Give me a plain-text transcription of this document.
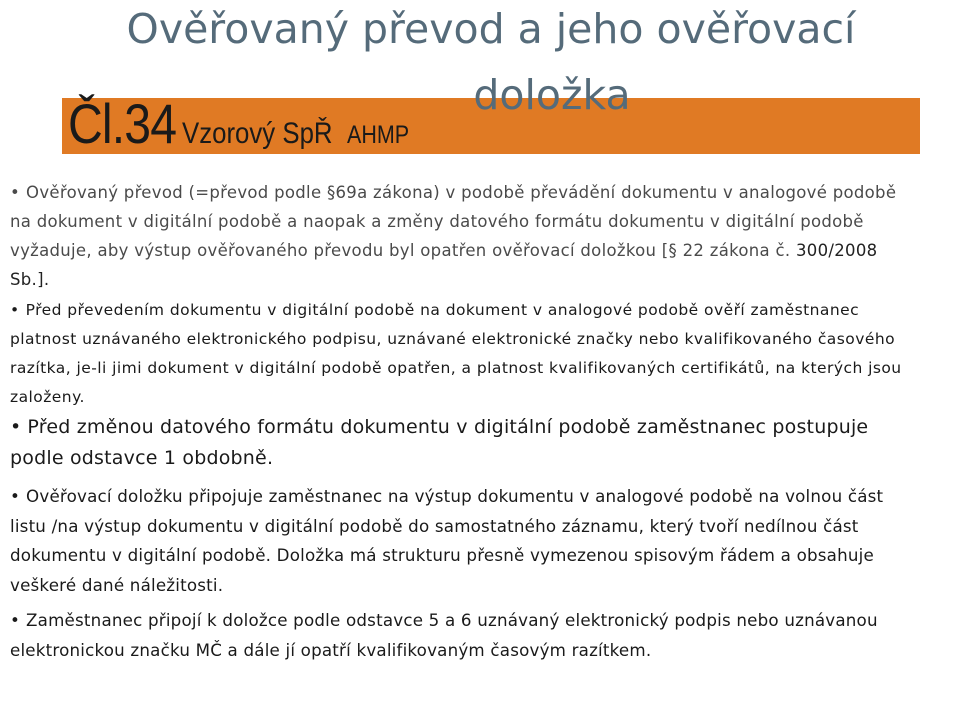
Ověřovaný převod a jeho ověřovací
doložka
Čl.34 Vzorový SpŘ AHMP

• Ověřovaný převod (=převod podle §69a zákona) v podobě převádění dokumentu v analogové podobě na dokument v digitální podobě a naopak a změny datového formátu dokumentu v digitální podobě vyžaduje, aby výstup ověřovaného převodu byl opatřen ověřovací doložkou [§ 22 zákona č. 300/2008 Sb.].

• Před převedením dokumentu v digitální podobě na dokument v analogové podobě ověří zaměstnanec platnost uznávaného elektronického podpisu, uznávané elektronické značky nebo kvalifikovaného časového razítka, je-li jimi dokument v digitální podobě opatřen, a platnost kvalifikovaných certifikátů, na kterých jsou založeny.

• Před změnou datového formátu dokumentu v digitální podobě zaměstnanec postupuje podle odstavce 1 obdobně.

• Ověřovací doložku připojuje zaměstnanec na výstup dokumentu v analogové podobě na volnou část listu /na výstup dokumentu v digitální podobě do samostatného záznamu, který tvoří nedílnou část dokumentu v digitální podobě. Doložka má strukturu přesně vymezenou spisovým řádem a obsahuje veškeré dané náležitosti.

• Zaměstnanec připojí k doložce podle odstavce 5 a 6 uznávaný elektronický podpis nebo uznávanou elektronickou značku MČ a dále jí opatří kvalifikovaným časovým razítkem.
